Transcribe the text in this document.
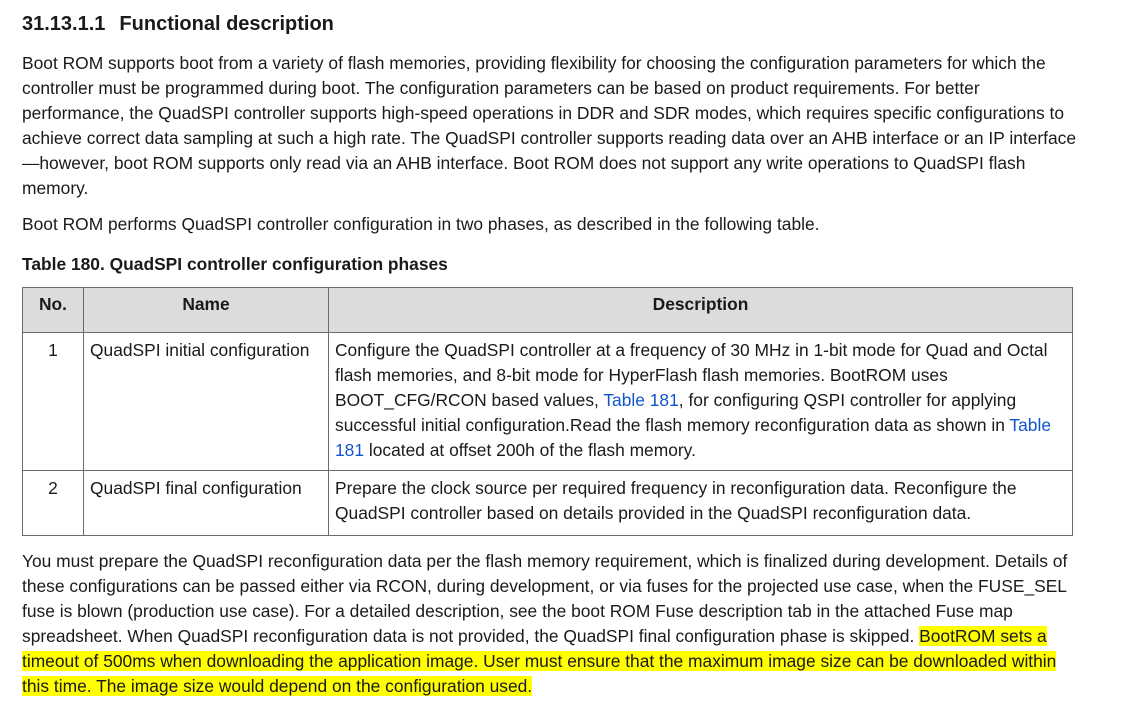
31.13.1.1 Functional description
Boot ROM supports boot from a variety of flash memories, providing flexibility for choosing the configuration parameters for which the controller must be programmed during boot. The configuration parameters can be based on product requirements. For better performance, the QuadSPI controller supports high-speed operations in DDR and SDR modes, which requires specific configurations to achieve correct data sampling at such a high rate. The QuadSPI controller supports reading data over an AHB interface or an IP interface—however, boot ROM supports only read via an AHB interface. Boot ROM does not support any write operations to QuadSPI flash memory.
Boot ROM performs QuadSPI controller configuration in two phases, as described in the following table.
Table 180. QuadSPI controller configuration phases
No.	Name	Description
1	QuadSPI initial configuration	Configure the QuadSPI controller at a frequency of 30 MHz in 1-bit mode for Quad and Octal flash memories, and 8-bit mode for HyperFlash flash memories. BootROM uses BOOT_CFG/RCON based values, Table 181, for configuring QSPI controller for applying successful initial configuration.Read the flash memory reconfiguration data as shown in Table 181 located at offset 200h of the flash memory.
2	QuadSPI final configuration	Prepare the clock source per required frequency in reconfiguration data. Reconfigure the QuadSPI controller based on details provided in the QuadSPI reconfiguration data.
You must prepare the QuadSPI reconfiguration data per the flash memory requirement, which is finalized during development. Details of these configurations can be passed either via RCON, during development, or via fuses for the projected use case, when the FUSE_SEL fuse is blown (production use case). For a detailed description, see the boot ROM Fuse description tab in the attached Fuse map spreadsheet. When QuadSPI reconfiguration data is not provided, the QuadSPI final configuration phase is skipped. BootROM sets a timeout of 500ms when downloading the application image. User must ensure that the maximum image size can be downloaded within this time. The image size would depend on the configuration used.
